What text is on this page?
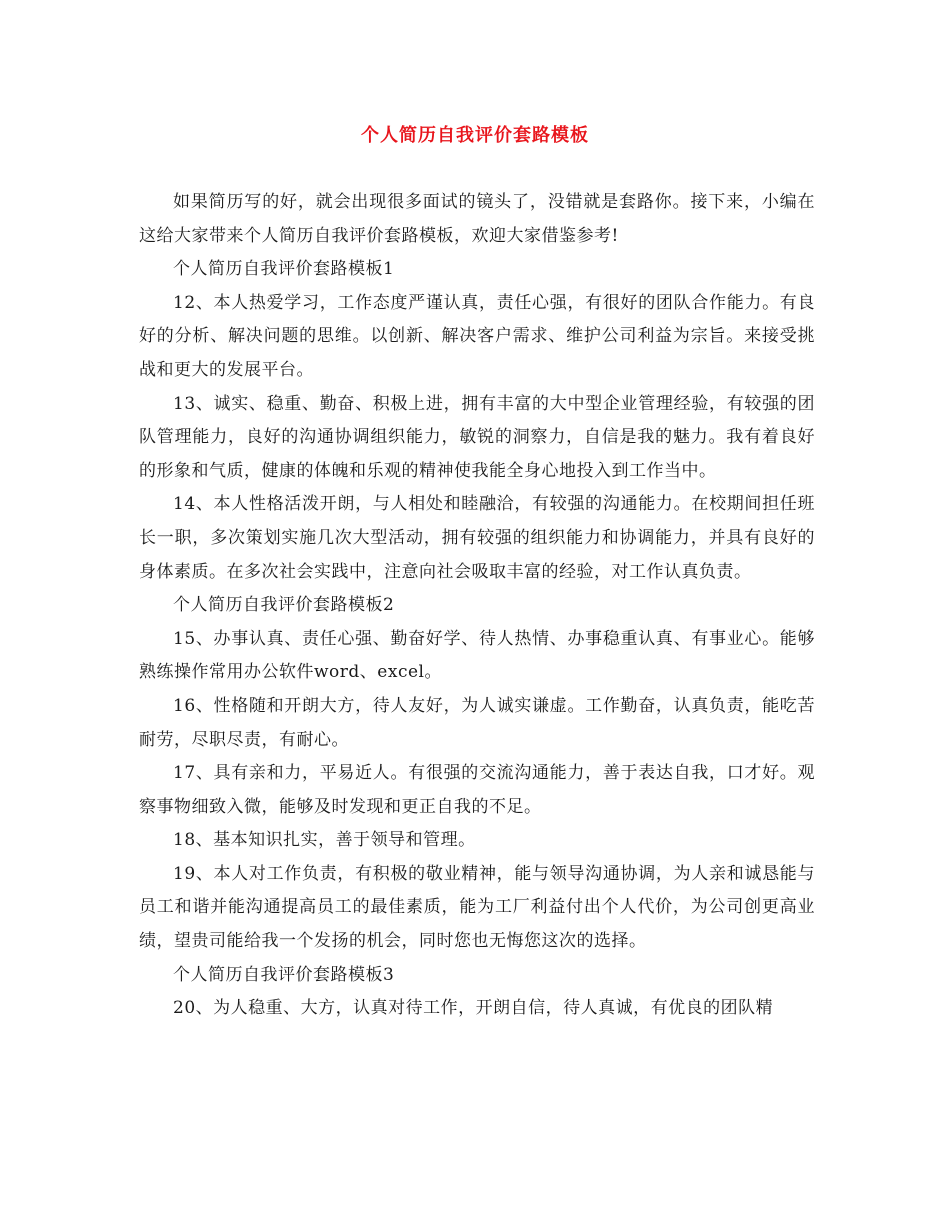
个人简历自我评价套路模板

如果简历写的好，就会出现很多面试的镜头了，没错就是套路你。接下来，小编在这给大家带来个人简历自我评价套路模板，欢迎大家借鉴参考!

个人简历自我评价套路模板1

12、本人热爱学习，工作态度严谨认真，责任心强，有很好的团队合作能力。有良好的分析、解决问题的思维。以创新、解决客户需求、维护公司利益为宗旨。来接受挑战和更大的发展平台。

13、诚实、稳重、勤奋、积极上进，拥有丰富的大中型企业管理经验，有较强的团队管理能力，良好的沟通协调组织能力，敏锐的洞察力，自信是我的魅力。我有着良好的形象和气质，健康的体魄和乐观的精神使我能全身心地投入到工作当中。

14、本人性格活泼开朗，与人相处和睦融洽，有较强的沟通能力。在校期间担任班长一职，多次策划实施几次大型活动，拥有较强的组织能力和协调能力，并具有良好的身体素质。在多次社会实践中，注意向社会吸取丰富的经验，对工作认真负责。

个人简历自我评价套路模板2

15、办事认真、责任心强、勤奋好学、待人热情、办事稳重认真、有事业心。能够熟练操作常用办公软件word、excel。

16、性格随和开朗大方，待人友好，为人诚实谦虚。工作勤奋，认真负责，能吃苦耐劳，尽职尽责，有耐心。

17、具有亲和力，平易近人。有很强的交流沟通能力，善于表达自我，口才好。观察事物细致入微，能够及时发现和更正自我的不足。

18、基本知识扎实，善于领导和管理。

19、本人对工作负责，有积极的敬业精神，能与领导沟通协调，为人亲和诚恳能与员工和谐并能沟通提高员工的最佳素质，能为工厂利益付出个人代价，为公司创更高业绩，望贵司能给我一个发扬的机会，同时您也无悔您这次的选择。

个人简历自我评价套路模板3

20、为人稳重、大方，认真对待工作，开朗自信，待人真诚，有优良的团队精
